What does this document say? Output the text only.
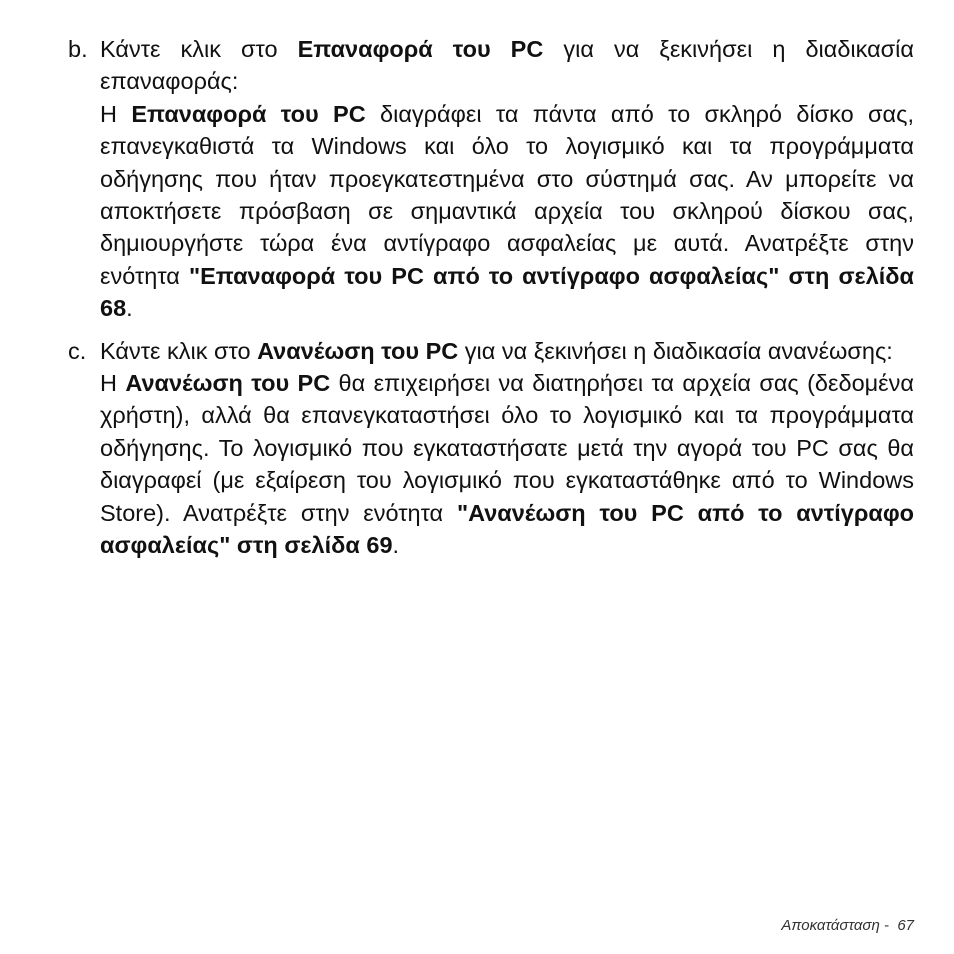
b. Κάντε κλικ στο Επαναφορά του PC για να ξεκινήσει η διαδικασία επαναφοράς:

Η Επαναφορά του PC διαγράφει τα πάντα από το σκληρό δίσκο σας, επανεγκαθιστά τα Windows και όλο το λογισμικό και τα προγράμματα οδήγησης που ήταν προεγκατεστημένα στο σύστημά σας. Αν μπορείτε να αποκτήσετε πρόσβαση σε σημαντικά αρχεία του σκληρού δίσκου σας, δημιουργήστε τώρα ένα αντίγραφο ασφαλείας με αυτά. Ανατρέξτε στην ενότητα "Επαναφορά του PC από το αντίγραφο ασφαλείας" στη σελίδα 68.

c. Κάντε κλικ στο Ανανέωση του PC για να ξεκινήσει η διαδικασία ανανέωσης:

Η Ανανέωση του PC θα επιχειρήσει να διατηρήσει τα αρχεία σας (δεδομένα χρήστη), αλλά θα επανεγκαταστήσει όλο το λογισμικό και τα προγράμματα οδήγησης. Το λογισμικό που εγκαταστήσατε μετά την αγορά του PC σας θα διαγραφεί (με εξαίρεση του λογισμικό που εγκαταστάθηκε από το Windows Store). Ανατρέξτε στην ενότητα "Ανανέωση του PC από το αντίγραφο ασφαλείας" στη σελίδα 69.

Αποκατάσταση -  67
